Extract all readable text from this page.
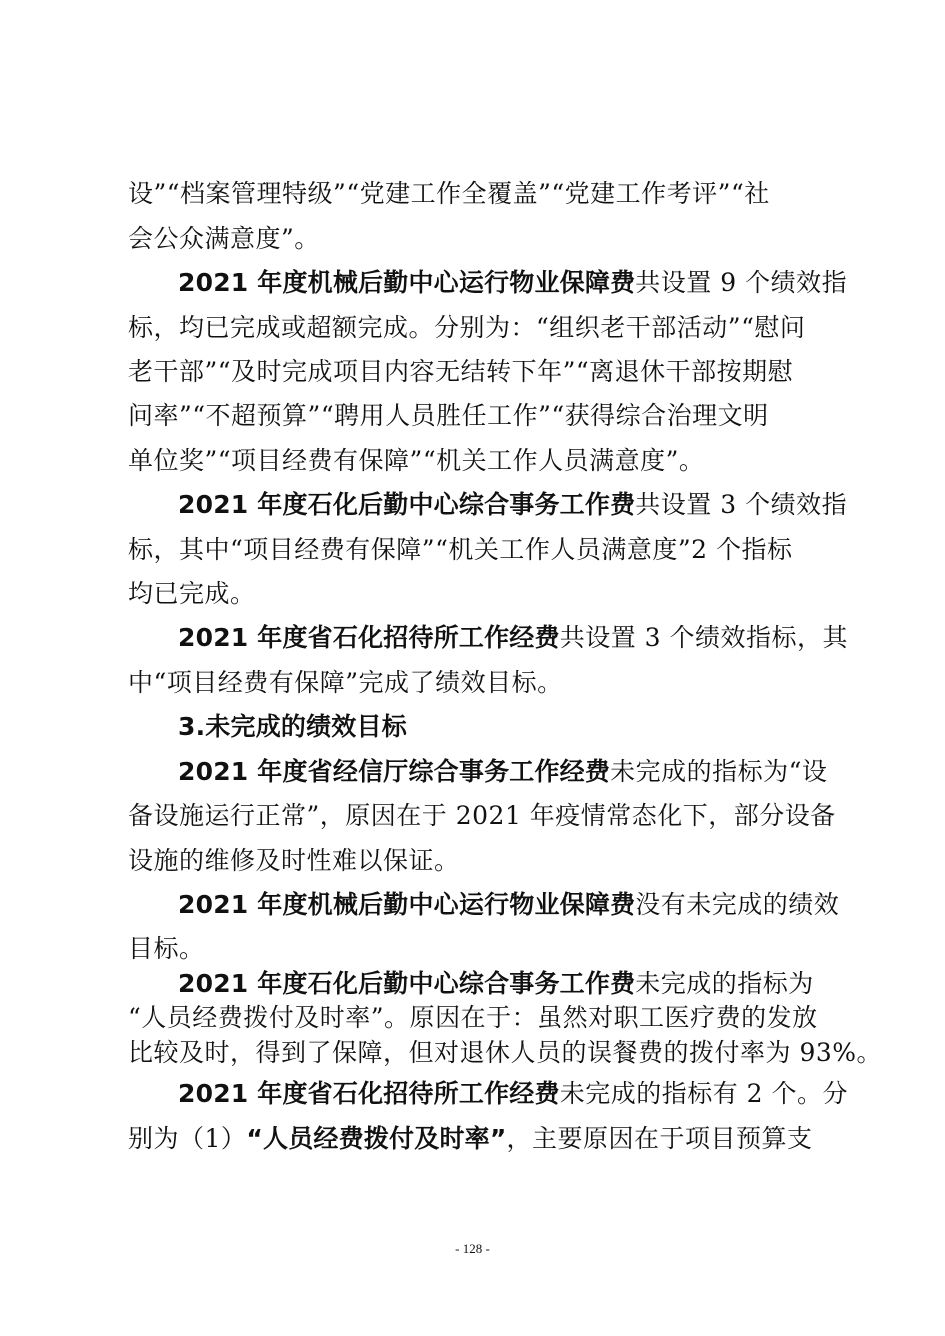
设”“档案管理特级”“党建工作全覆盖”“党建工作考评”“社
会公众满意度”。
2021 年度机械后勤中心运行物业保障费共设置 9 个绩效指
标，均已完成或超额完成。分别为：“组织老干部活动”“慰问
老干部”“及时完成项目内容无结转下年”“离退休干部按期慰
问率”“不超预算”“聘用人员胜任工作”“获得综合治理文明
单位奖”“项目经费有保障”“机关工作人员满意度”。
2021 年度石化后勤中心综合事务工作费共设置 3 个绩效指
标，其中“项目经费有保障”“机关工作人员满意度”2 个指标
均已完成。
2021 年度省石化招待所工作经费共设置 3 个绩效指标，其
中“项目经费有保障”完成了绩效目标。
3.未完成的绩效目标
2021 年度省经信厅综合事务工作经费未完成的指标为“设
备设施运行正常”，原因在于 2021 年疫情常态化下，部分设备
设施的维修及时性难以保证。
2021 年度机械后勤中心运行物业保障费没有未完成的绩效
目标。
2021 年度石化后勤中心综合事务工作费未完成的指标为
“人员经费拨付及时率”。原因在于：虽然对职工医疗费的发放
比较及时，得到了保障，但对退休人员的误餐费的拨付率为 93%。
2021 年度省石化招待所工作经费未完成的指标有 2 个。分
别为（1）“人员经费拨付及时率”，主要原因在于项目预算支
- 128 -
